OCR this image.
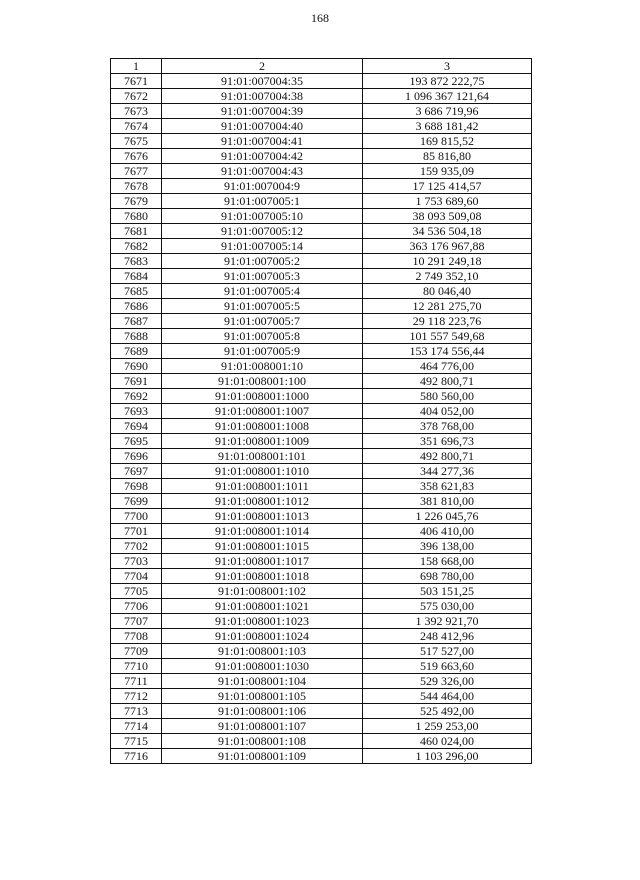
168
1	2	3
7671	91:01:007004:35	193 872 222,75
7672	91:01:007004:38	1 096 367 121,64
7673	91:01:007004:39	3 686 719,96
7674	91:01:007004:40	3 688 181,42
7675	91:01:007004:41	169 815,52
7676	91:01:007004:42	85 816,80
7677	91:01:007004:43	159 935,09
7678	91:01:007004:9	17 125 414,57
7679	91:01:007005:1	1 753 689,60
7680	91:01:007005:10	38 093 509,08
7681	91:01:007005:12	34 536 504,18
7682	91:01:007005:14	363 176 967,88
7683	91:01:007005:2	10 291 249,18
7684	91:01:007005:3	2 749 352,10
7685	91:01:007005:4	80 046,40
7686	91:01:007005:5	12 281 275,70
7687	91:01:007005:7	29 118 223,76
7688	91:01:007005:8	101 557 549,68
7689	91:01:007005:9	153 174 556,44
7690	91:01:008001:10	464 776,00
7691	91:01:008001:100	492 800,71
7692	91:01:008001:1000	580 560,00
7693	91:01:008001:1007	404 052,00
7694	91:01:008001:1008	378 768,00
7695	91:01:008001:1009	351 696,73
7696	91:01:008001:101	492 800,71
7697	91:01:008001:1010	344 277,36
7698	91:01:008001:1011	358 621,83
7699	91:01:008001:1012	381 810,00
7700	91:01:008001:1013	1 226 045,76
7701	91:01:008001:1014	406 410,00
7702	91:01:008001:1015	396 138,00
7703	91:01:008001:1017	158 668,00
7704	91:01:008001:1018	698 780,00
7705	91:01:008001:102	503 151,25
7706	91:01:008001:1021	575 030,00
7707	91:01:008001:1023	1 392 921,70
7708	91:01:008001:1024	248 412,96
7709	91:01:008001:103	517 527,00
7710	91:01:008001:1030	519 663,60
7711	91:01:008001:104	529 326,00
7712	91:01:008001:105	544 464,00
7713	91:01:008001:106	525 492,00
7714	91:01:008001:107	1 259 253,00
7715	91:01:008001:108	460 024,00
7716	91:01:008001:109	1 103 296,00
